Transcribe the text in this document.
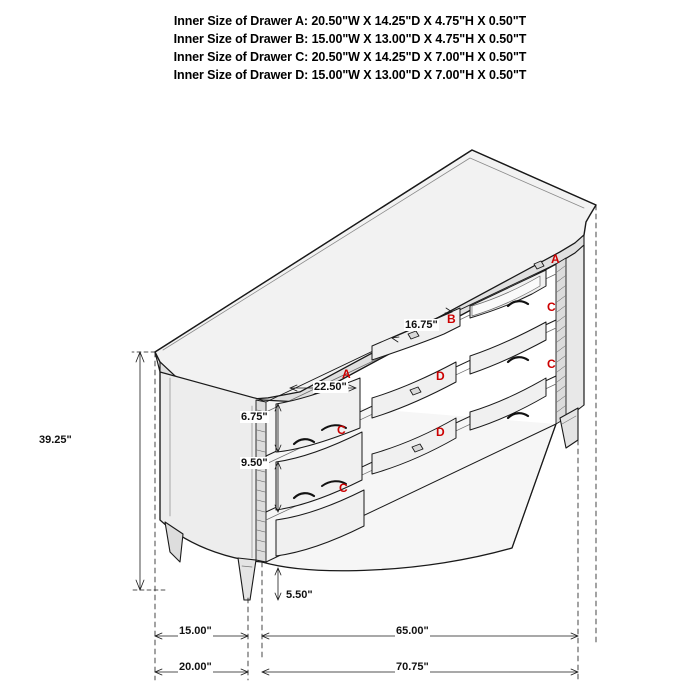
Inner Size of Drawer A: 20.50"W X 14.25"D X 4.75"H X 0.50"T
Inner Size of Drawer B: 15.00"W X 13.00"D X 4.75"H X 0.50"T
Inner Size of Drawer C: 20.50"W X 14.25"D X 7.00"H X 0.50"T
Inner Size of Drawer D: 15.00"W X 13.00"D X 7.00"H X 0.50"T
39.25"
16.75"
22.50"
6.75"
9.50"
5.50"
15.00"	65.00"
20.00"	70.75"
A
C
C
B
D
D
A
C
C
